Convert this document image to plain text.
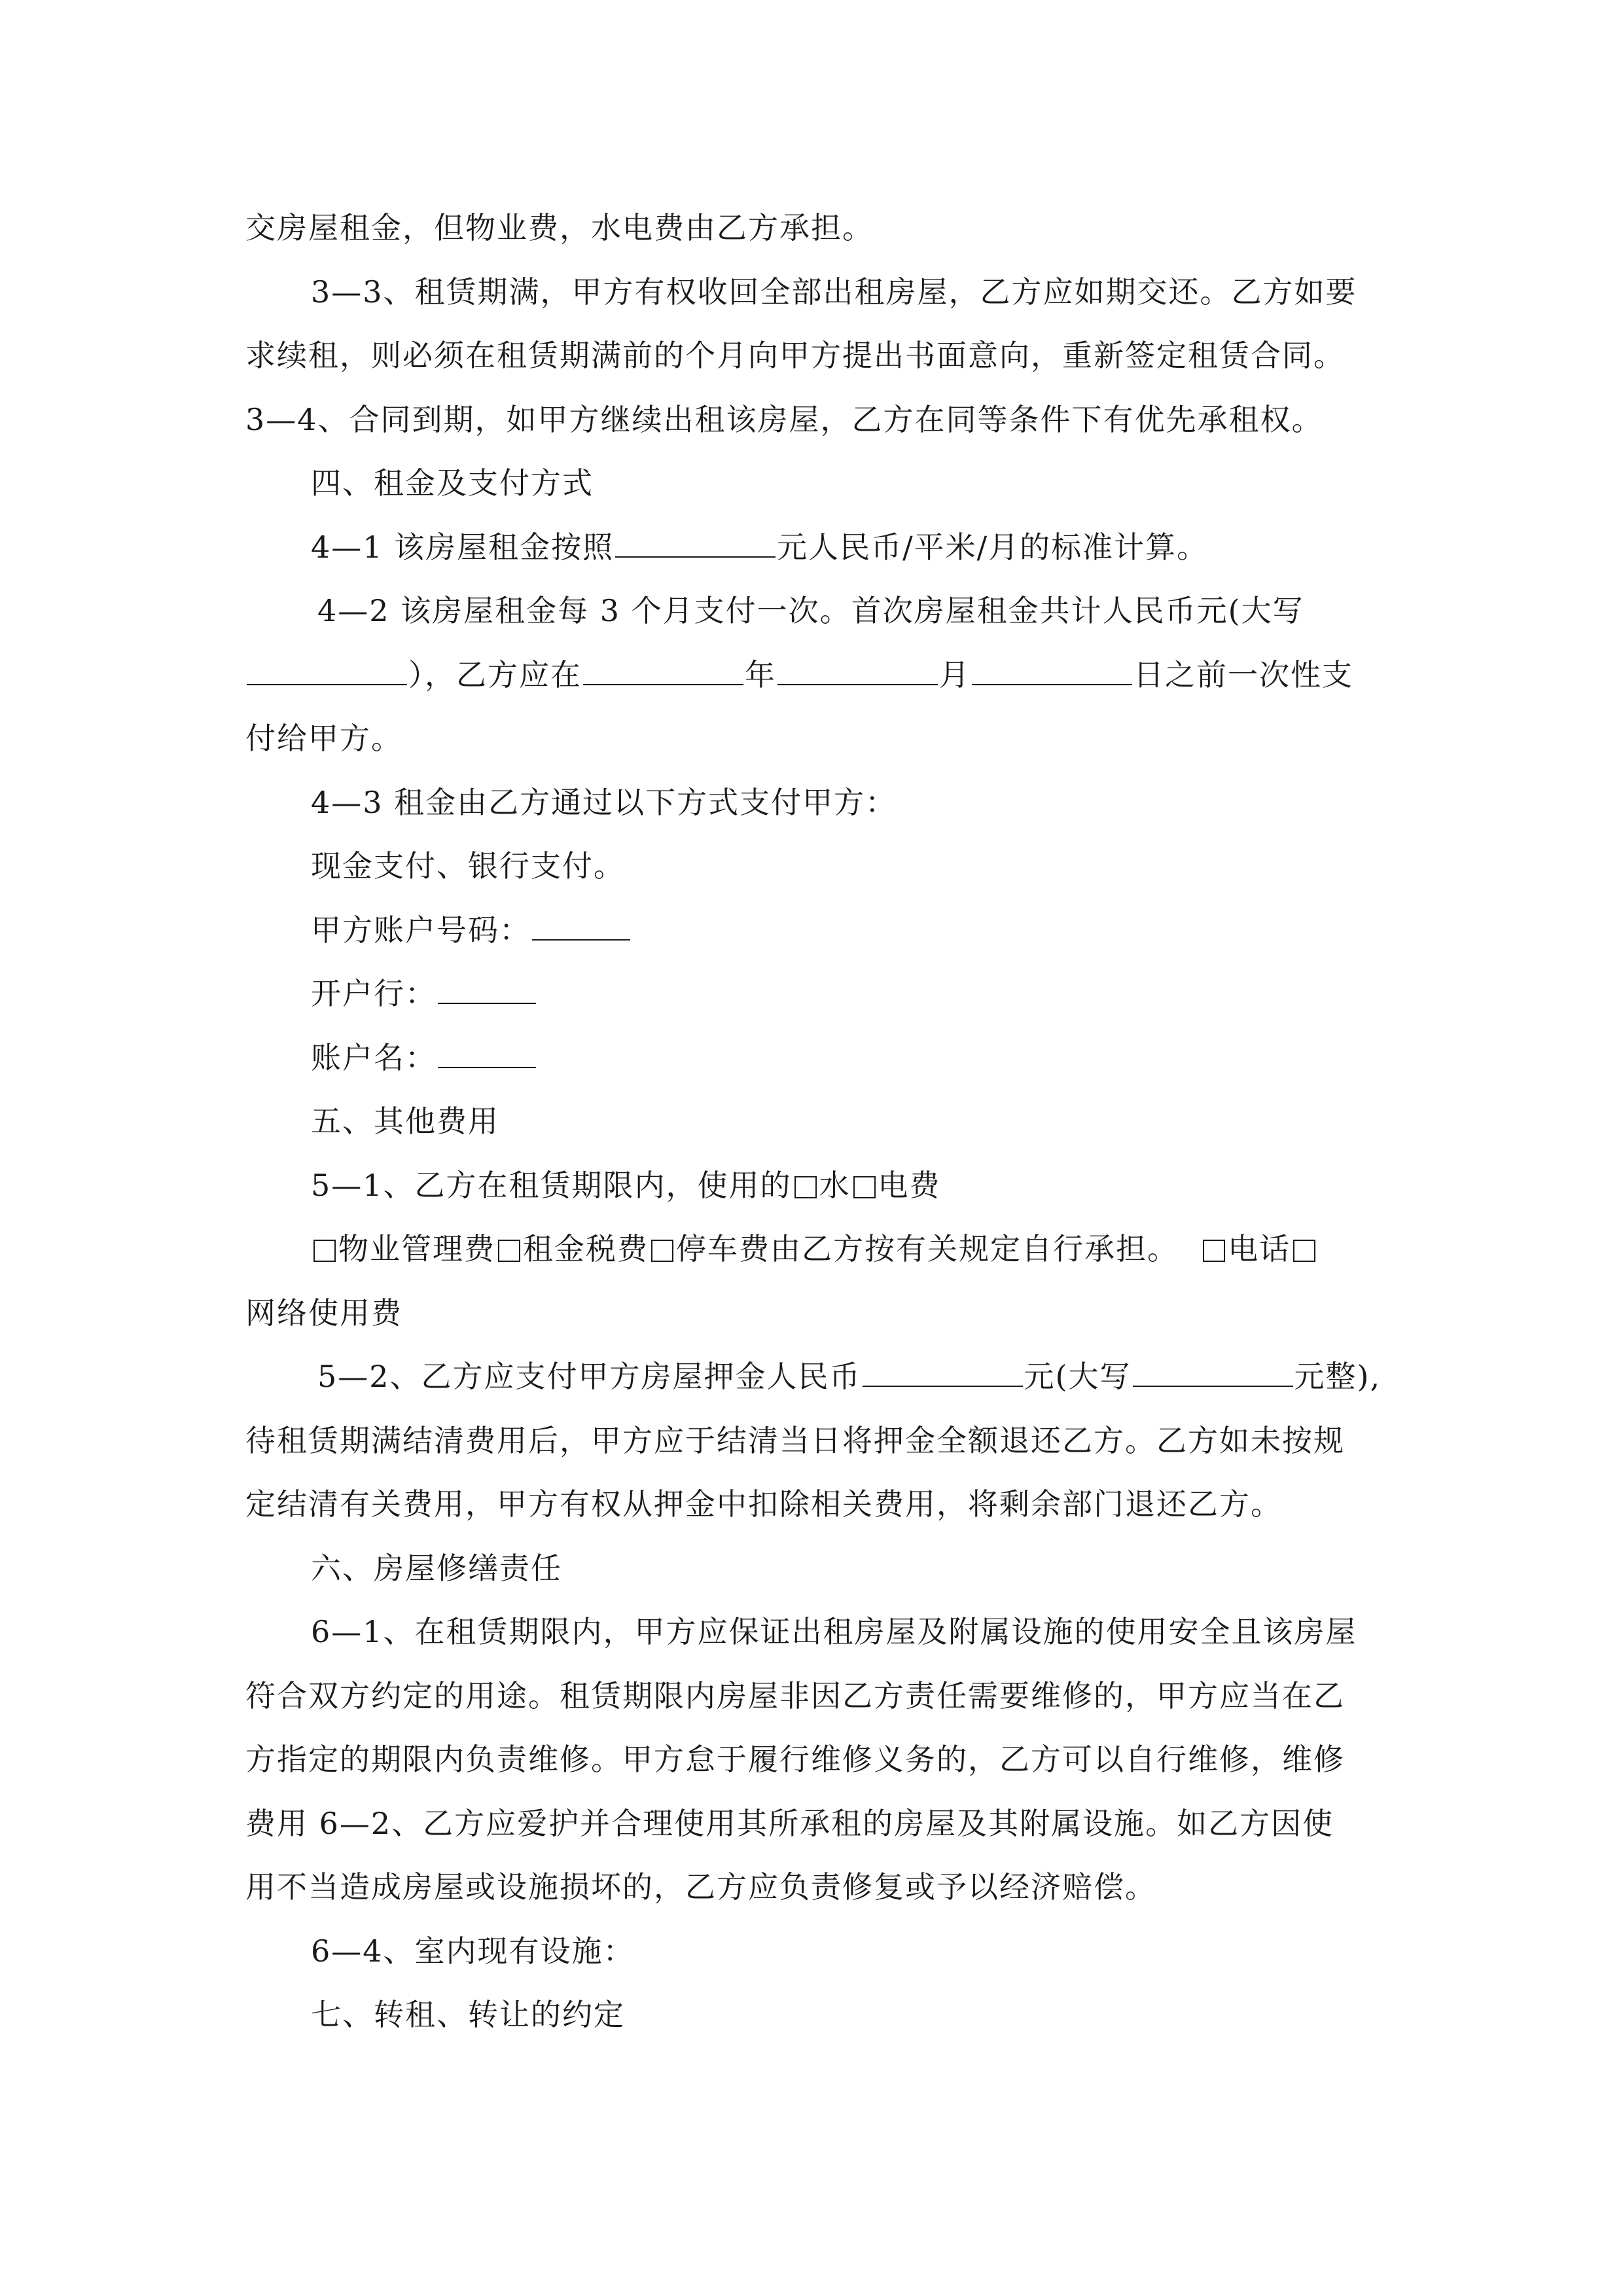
交房屋租金，但物业费，水电费由乙方承担。
3—3、租赁期满，甲方有权收回全部出租房屋，乙方应如期交还。乙方如要
求续租，则必须在租赁期满前的个月向甲方提出书面意向，重新签定租赁合同。
3—4、合同到期，如甲方继续出租该房屋，乙方在同等条件下有优先承租权。
四、租金及支付方式
4—1 该房屋租金按照	元人民币/平米/月的标准计算。
4—2 该房屋租金每 3 个月支付一次。首次房屋租金共计人民币元(大写
），乙方应在	年	月	日之前一次性支
付给甲方。
4—3 租金由乙方通过以下方式支付甲方：
现金支付、银行支付。
甲方账户号码：
开户行：
账户名：
五、其他费用
5—1、乙方在租赁期限内，使用的 水 电费
物业管理费 租金税费 停车费由乙方按有关规定自行承担。 电话
网络使用费
5—2、乙方应支付甲方房屋押金人民币	元(大写	元整),
待租赁期满结清费用后，甲方应于结清当日将押金全额退还乙方。乙方如未按规
定结清有关费用，甲方有权从押金中扣除相关费用，将剩余部门退还乙方。
六、房屋修缮责任
6—1、在租赁期限内，甲方应保证出租房屋及附属设施的使用安全且该房屋
符合双方约定的用途。租赁期限内房屋非因乙方责任需要维修的，甲方应当在乙
方指定的期限内负责维修。甲方怠于履行维修义务的，乙方可以自行维修，维修
费用 6—2、乙方应爱护并合理使用其所承租的房屋及其附属设施。如乙方因使
用不当造成房屋或设施损坏的，乙方应负责修复或予以经济赔偿。
6—4、室内现有设施：
七、转租、转让的约定
